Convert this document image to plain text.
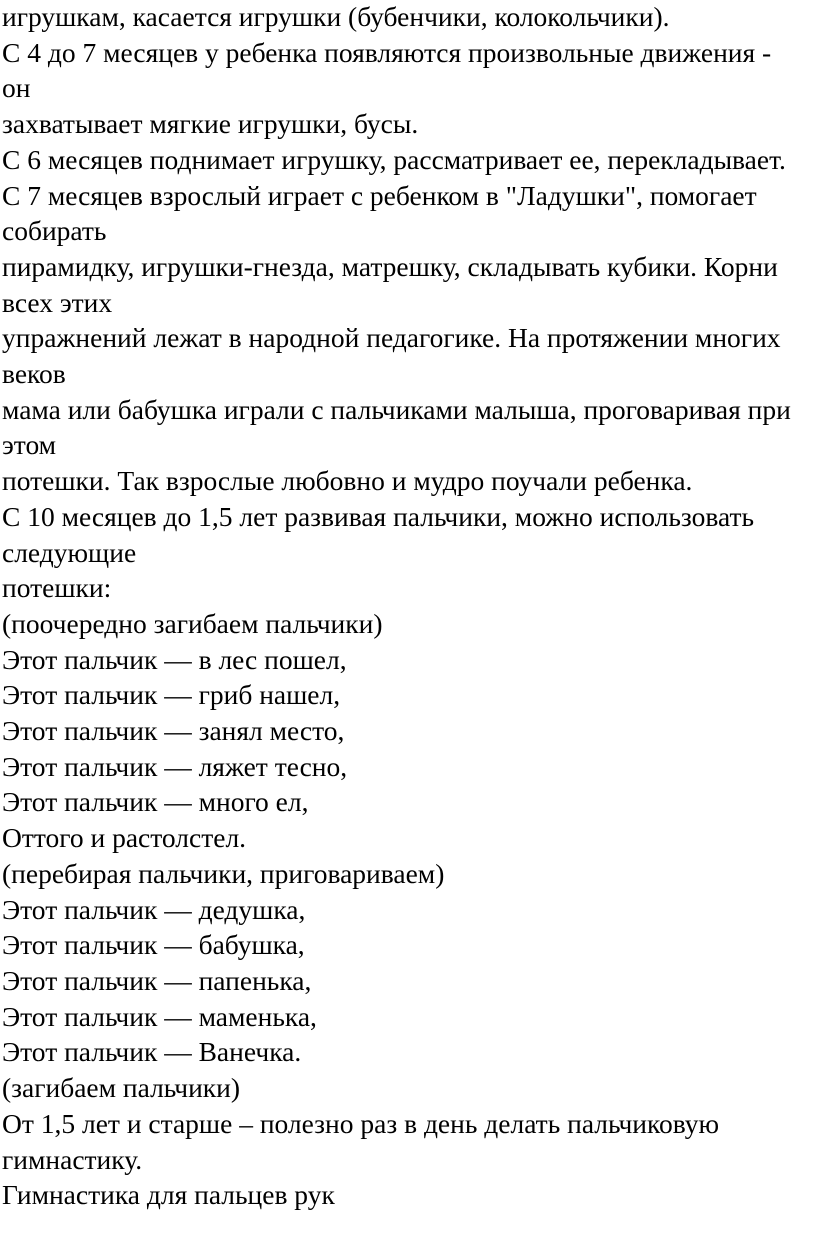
игрушкам, касается игрушки (бубенчики, колокольчики).

С 4 до 7 месяцев у ребенка появляются произвольные движения -

он

захватывает мягкие игрушки, бусы.

С 6 месяцев поднимает игрушку, рассматривает ее, перекладывает.

С 7 месяцев взрослый играет с ребенком в "Ладушки", помогает

собирать

пирамидку, игрушки-гнезда, матрешку, складывать кубики. Корни

всех этих

упражнений лежат в народной педагогике. На протяжении многих

веков

мама или бабушка играли с пальчиками малыша, проговаривая при

этом

потешки. Так взрослые любовно и мудро поучали ребенка.

С 10 месяцев до 1,5 лет развивая пальчики, можно использовать

следующие

потешки:

(поочередно загибаем пальчики)

Этот пальчик — в лес пошел,

Этот пальчик — гриб нашел,

Этот пальчик — занял место,

Этот пальчик — ляжет тесно,

Этот пальчик — много ел,

Оттого и растолстел.

(перебирая пальчики, приговариваем)

Этот пальчик — дедушка,

Этот пальчик — бабушка,

Этот пальчик — папенька,

Этот пальчик — маменька,

Этот пальчик — Ванечка.

(загибаем пальчики)

От 1,5 лет и старше – полезно раз в день делать пальчиковую

гимнастику.

Гимнастика для пальцев рук
